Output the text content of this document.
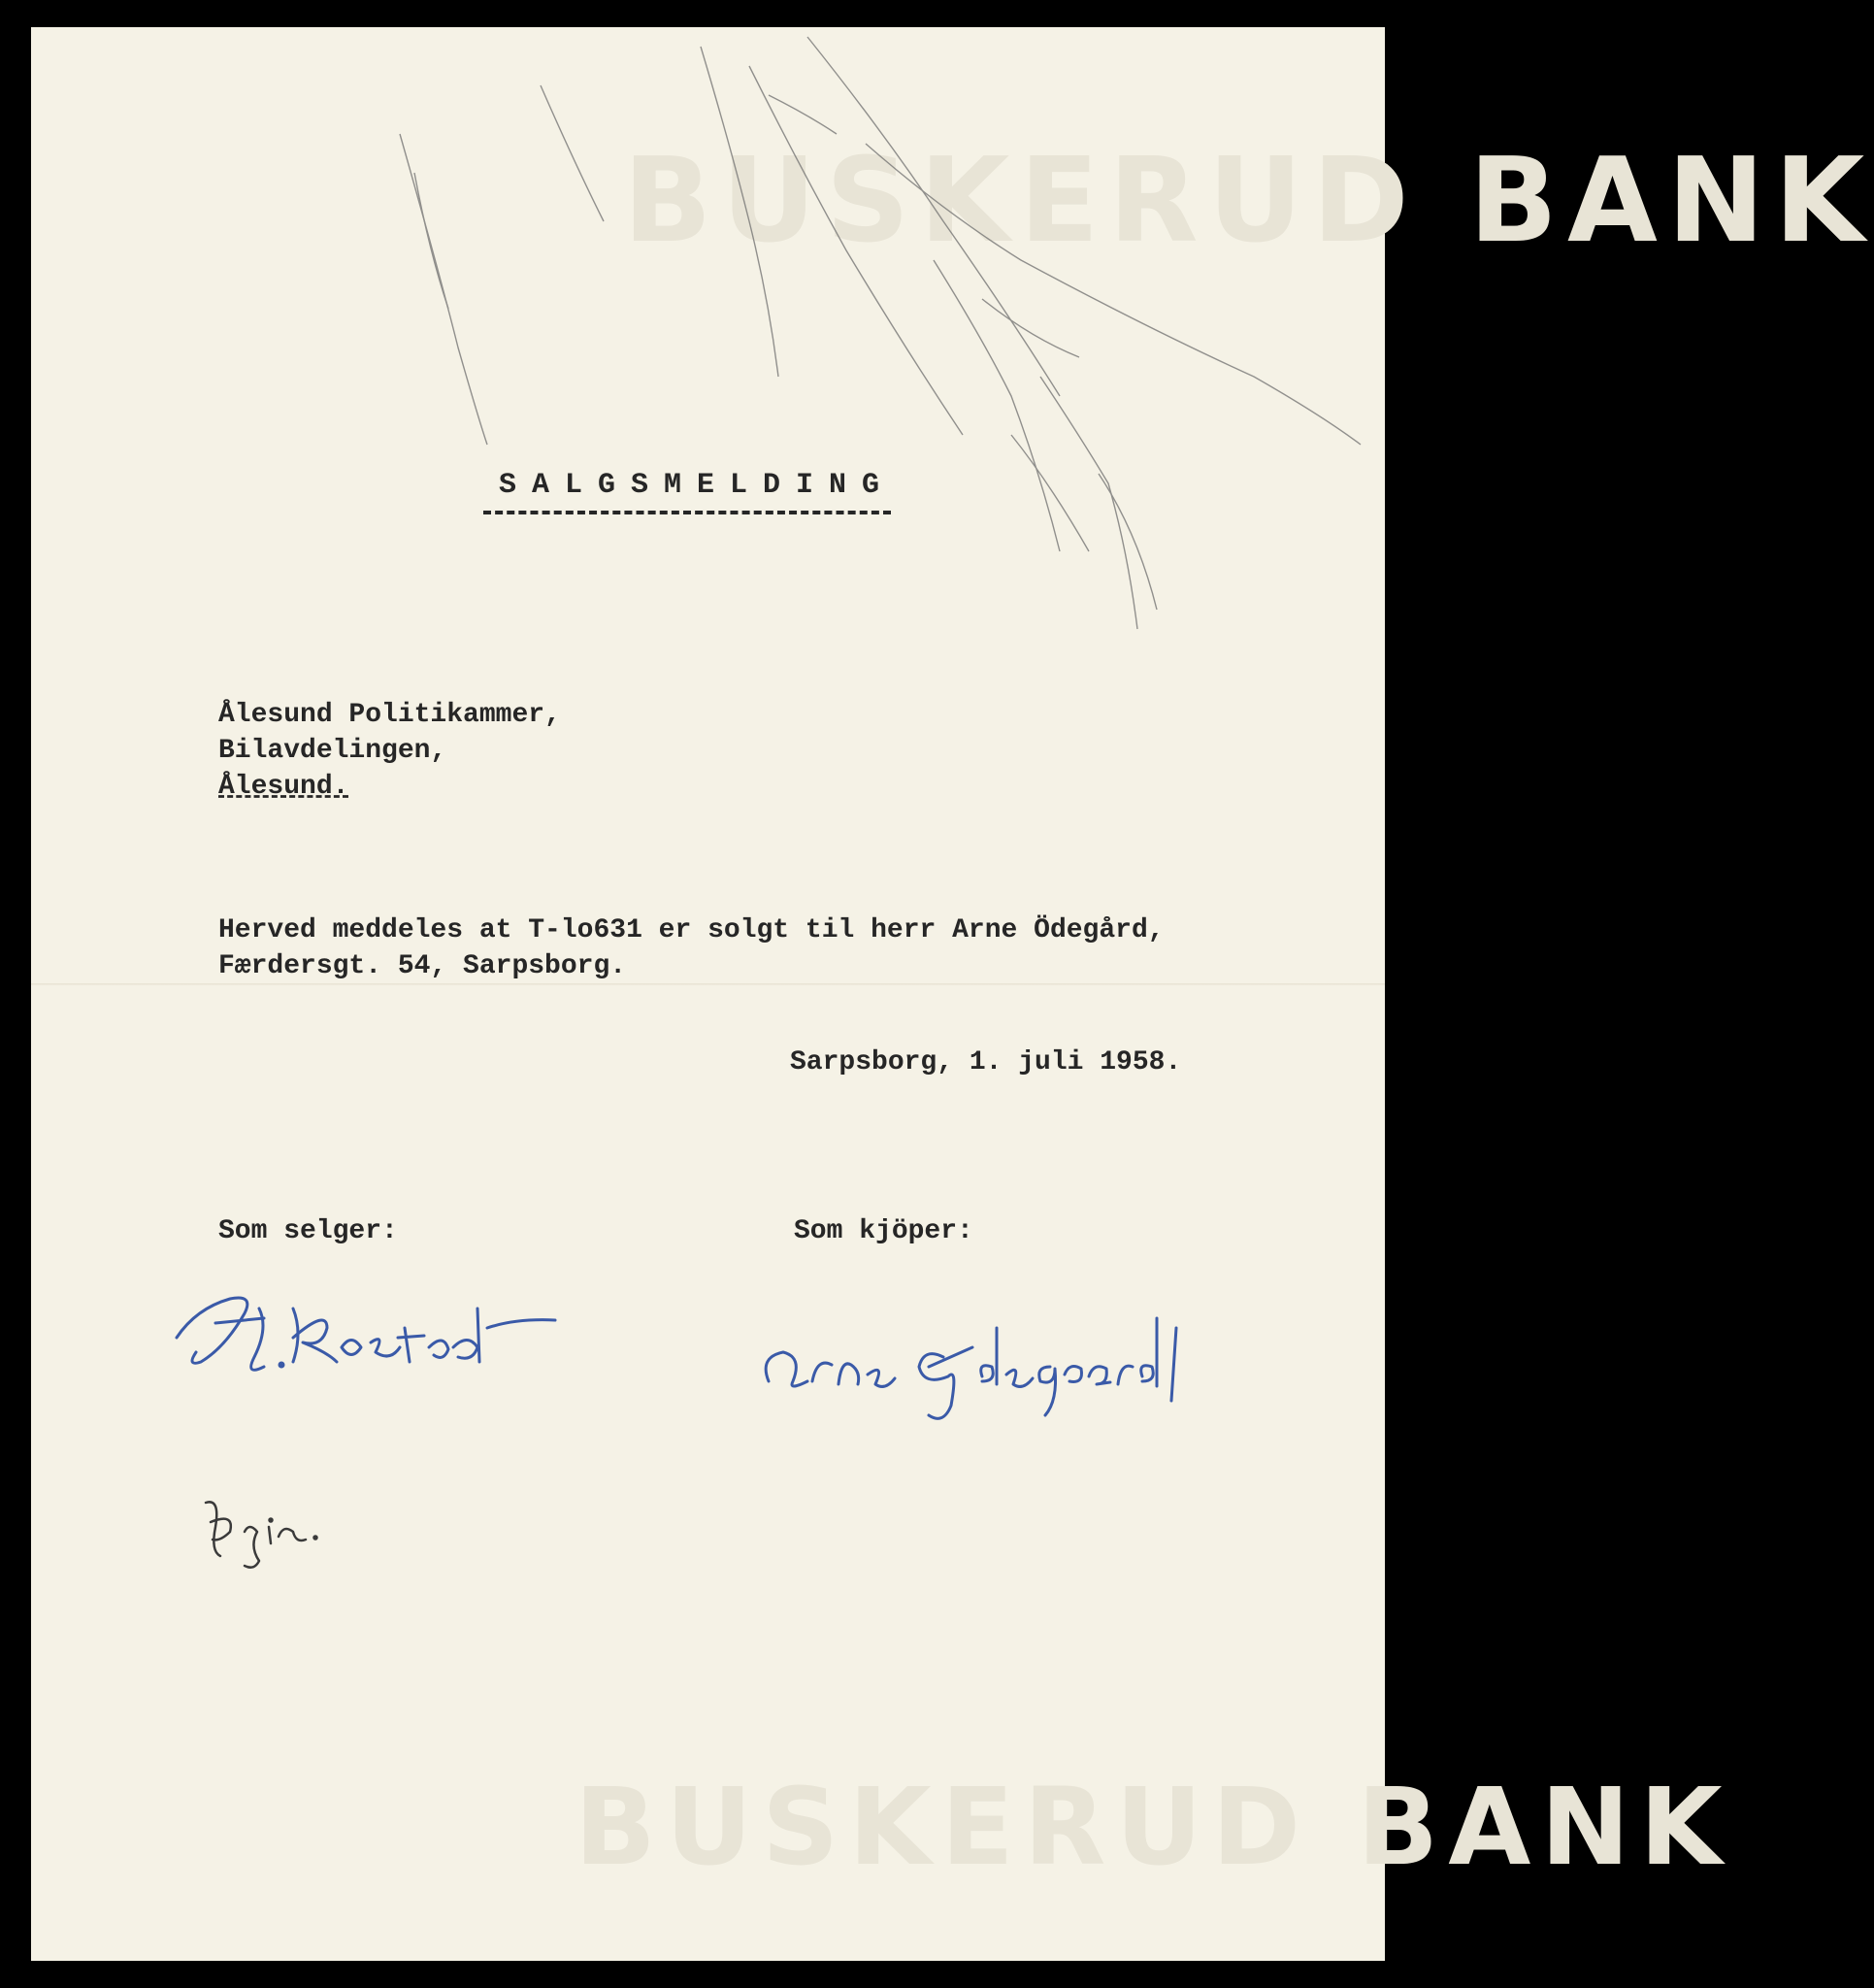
BUSKERUD BANK
BUSKERUD BANK
SALGSMELDING
Ålesund Politikammer,
Bilavdelingen,
Ålesund.
Herved meddeles at T-lo631 er solgt til herr Arne Ödegård,
Færdersgt. 54, Sarpsborg.
Sarpsborg, 1. juli 1958.
Som selger:	Som kjöper:
